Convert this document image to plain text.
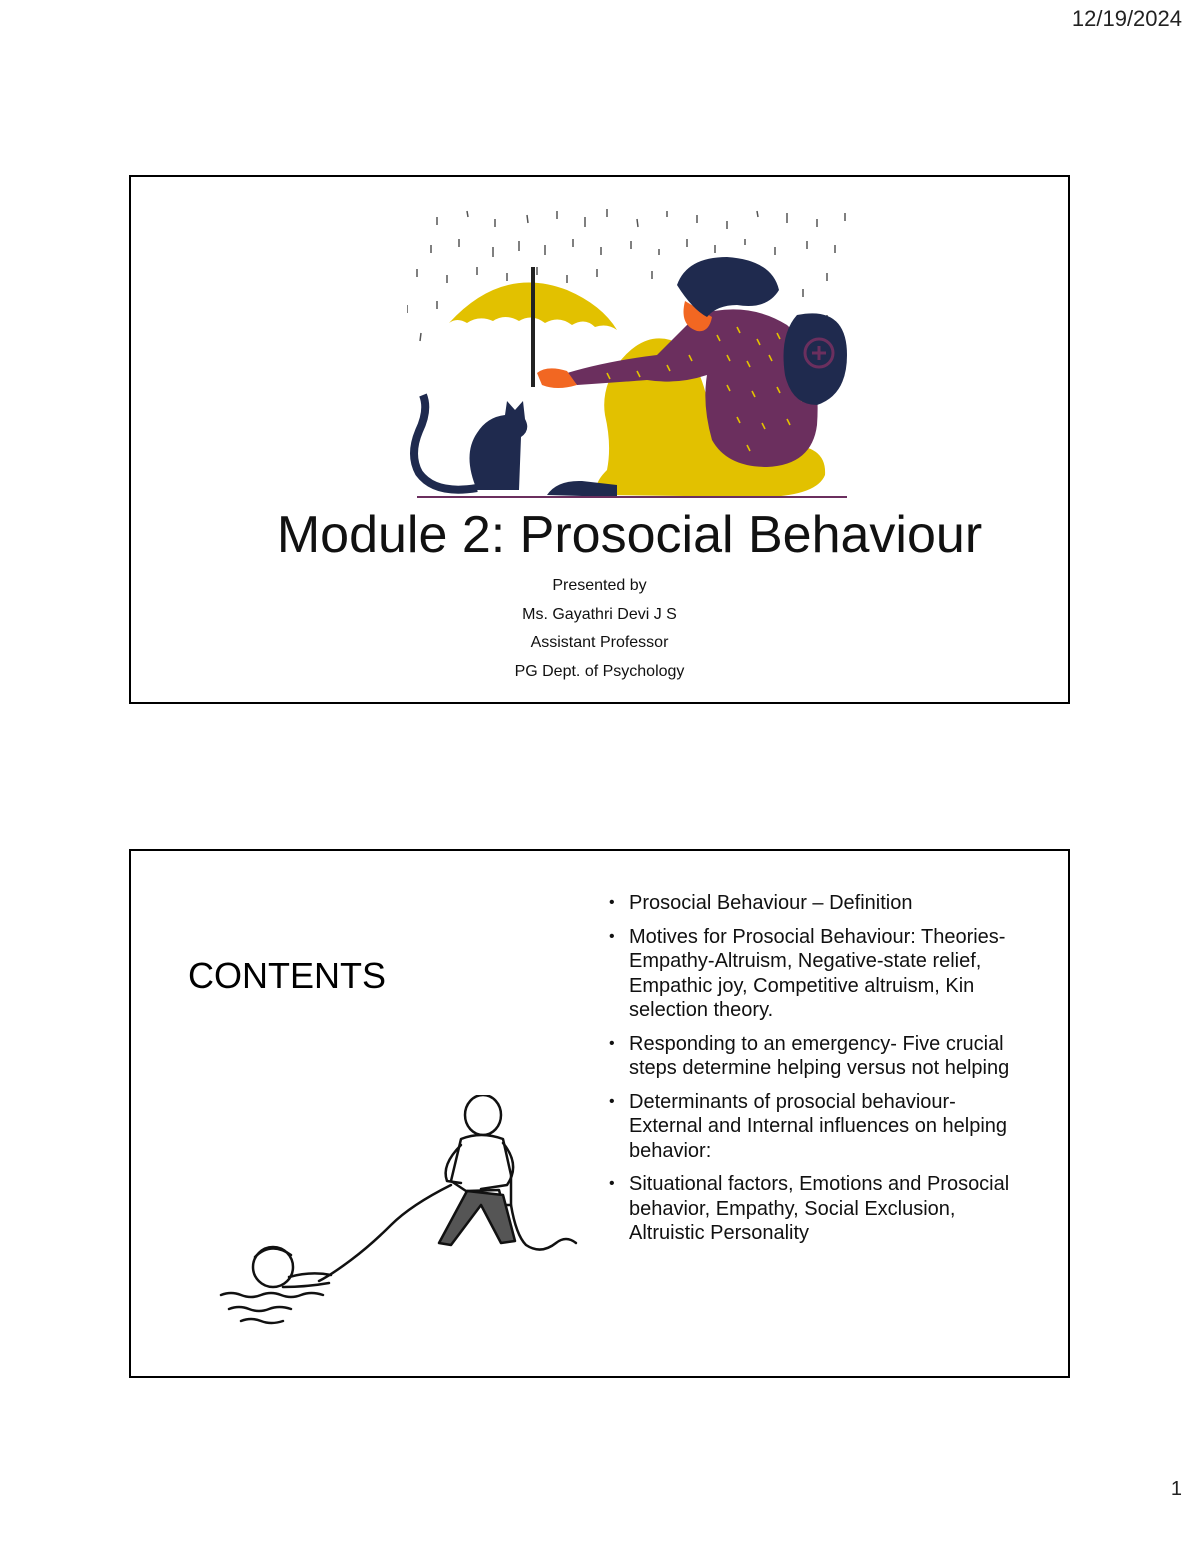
12/19/2024
Module 2: Prosocial Behaviour
Presented by
Ms. Gayathri Devi J S
Assistant Professor
PG Dept. of Psychology
CONTENTS
• Prosocial Behaviour – Definition
• Motives for Prosocial Behaviour: Theories- Empathy-Altruism, Negative-state relief, Empathic joy, Competitive altruism, Kin selection theory.
• Responding to an emergency- Five crucial steps determine helping versus not helping
• Determinants of prosocial behaviour- External and Internal influences on helping behavior:
• Situational factors, Emotions and Prosocial behavior, Empathy, Social Exclusion, Altruistic Personality
1
